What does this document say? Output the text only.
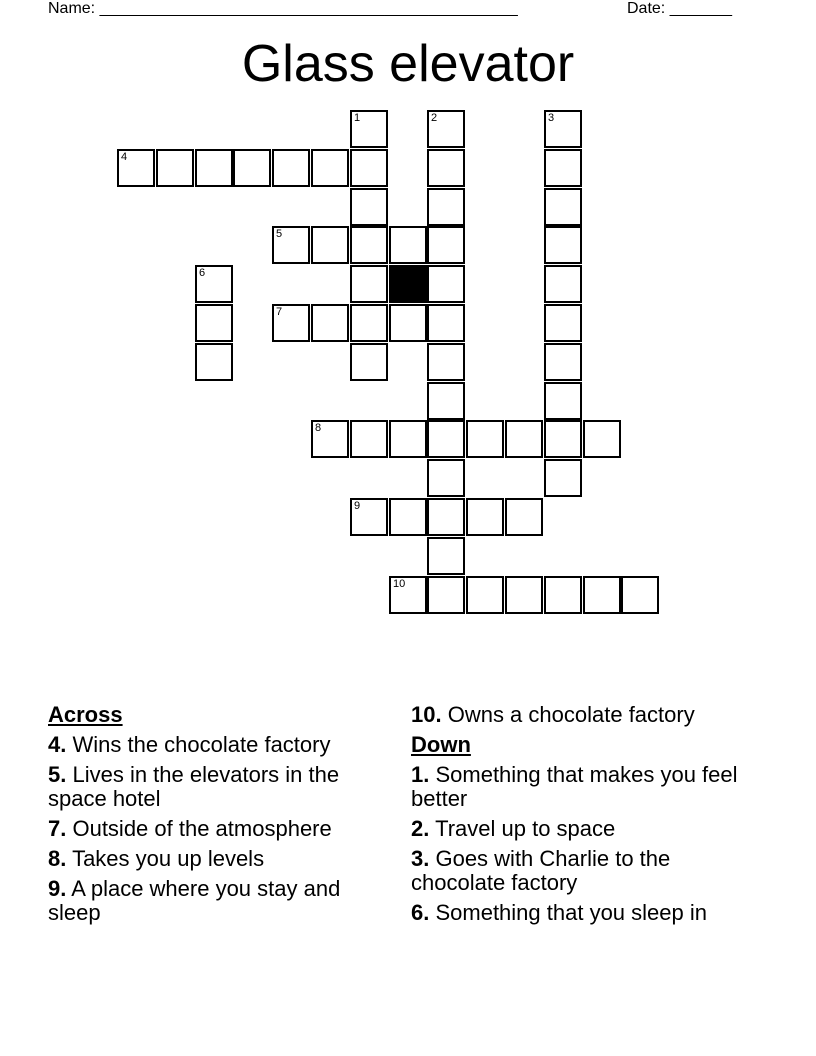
Name: _______________________________________________	Date: _______
Glass elevator
1	2	3
4
5
6
7
8
9
10
Across
4. Wins the chocolate factory
5. Lives in the elevators in the space hotel
7. Outside of the atmosphere
8. Takes you up levels
9. A place where you stay and sleep
10. Owns a chocolate factory
Down
1. Something that makes you feel better
2. Travel up to space
3. Goes with Charlie to the chocolate factory
6. Something that you sleep in
